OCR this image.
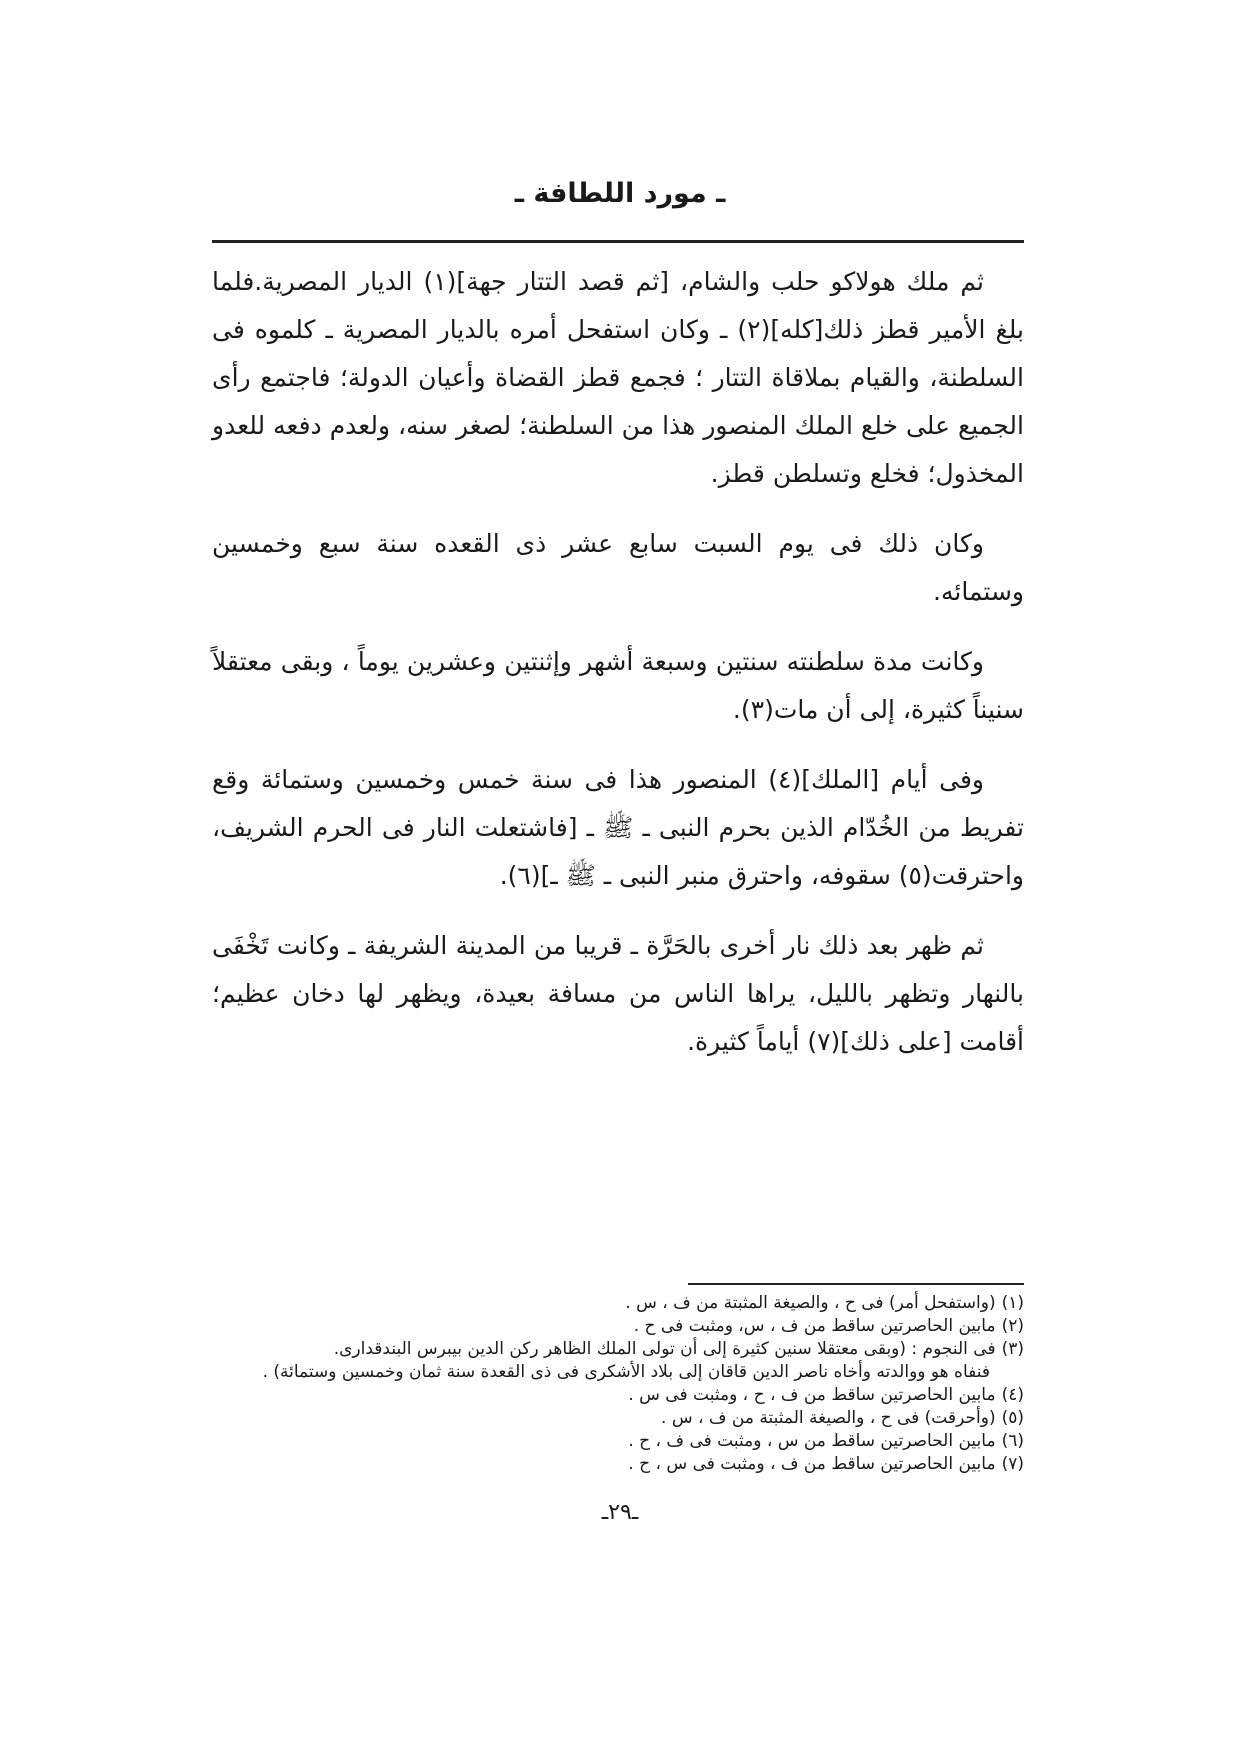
ـ مورد اللطافة ـ

ثم ملك هولاكو حلب والشام، [ثم قصد التتار جهة](١) الديار المصرية.فلما بلغ الأمير قطز ذلك[كله](٢) ـ وكان استفحل أمره بالديار المصرية ـ كلموه فى السلطنة، والقيام بملاقاة التتار ؛ فجمع قطز القضاة وأعيان الدولة؛ فاجتمع رأى الجميع على خلع الملك المنصور هذا من السلطنة؛ لصغر سنه، ولعدم دفعه للعدو المخذول؛ فخلع وتسلطن قطز.

وكان ذلك فى يوم السبت سابع عشر ذى القعده سنة سبع وخمسين وستمائه.

وكانت مدة سلطنته سنتين وسبعة أشهر وإثنتين وعشرين يوماً ، وبقى معتقلاً سنيناً كثيرة، إلى أن مات(٣).

وفى أيام [الملك](٤) المنصور هذا فى سنة خمس وخمسين وستمائة وقع تفريط من الخُدّام الذين بحرم النبى ـ ﷺ ـ [فاشتعلت النار فى الحرم الشريف، واحترقت(٥) سقوفه، واحترق منبر النبى ـ ﷺ ـ](٦).

ثم ظهر بعد ذلك نار أخرى بالحَرَّة ـ قريبا من المدينة الشريفة ـ وكانت تَخْفَى بالنهار وتظهر بالليل، يراها الناس من مسافة بعيدة، ويظهر لها دخان عظيم؛ أقامت [على ذلك](٧) أياماً كثيرة.

(١)(واستفحل أمر) فى ح ، والصيغة المثبتة من ف ، س .

(٢)مابين الحاصرتين ساقط من ف ، س، ومثبت فى ح .

(٣)فى النجوم : (وبقى معتقلا سنين كثيرة إلى أن تولى الملك الظاهر ركن الدين بيبرس البندقدارى.

فنفاه هو ووالدته وأخاه ناصر الدين قاقان إلى بلاد الأشكرى فى ذى القعدة سنة ثمان وخمسين وستمائة) .

(٤)مابين الحاصرتين ساقط من ف ، ح ، ومثبت فى س .

(٥)(وأحرقت) فى ح ، والصيغة المثبتة من ف ، س .

(٦)مابين الحاصرتين ساقط من س ، ومثبت فى ف ، ح .

(٧)مابين الحاصرتين ساقط من ف ، ومثبت فى س ، ح .

ـ٢٩ـ
